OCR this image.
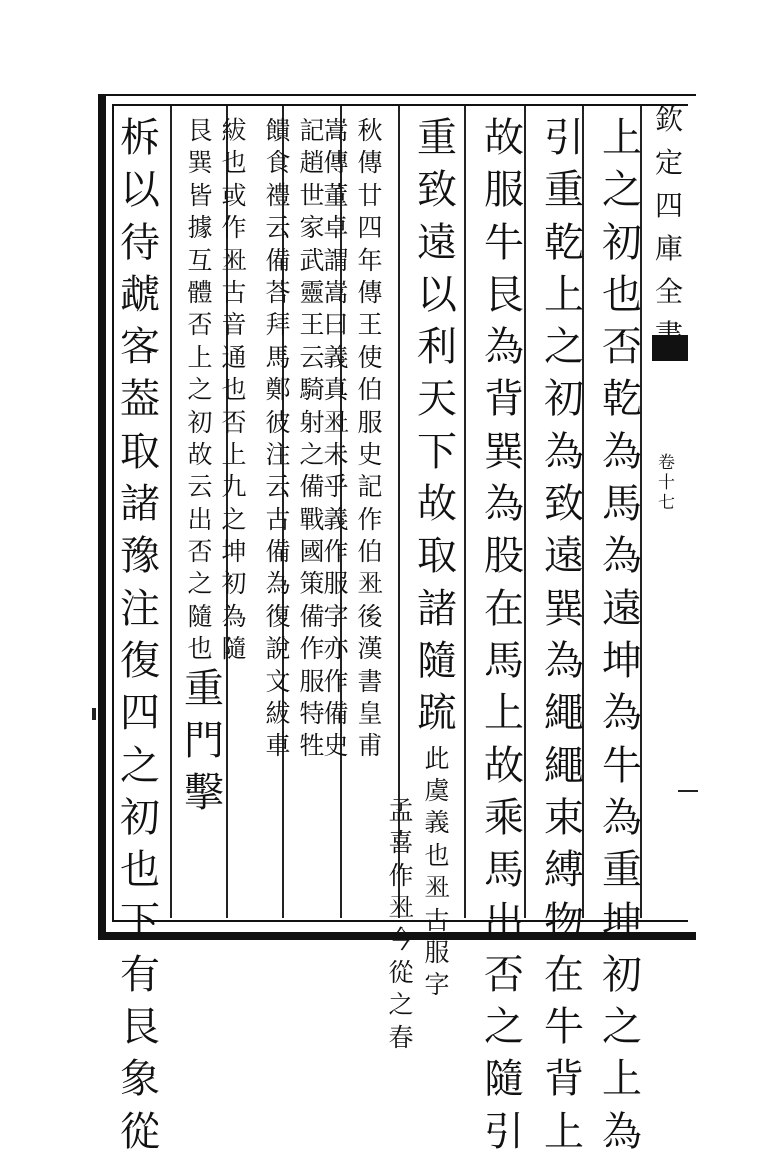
欽
定
四
庫
全
卷
十
七
上
之
初
也
否
乾
為
馬
為
遠
坤
為
牛
為
重
坤
初
之
上
為
引
重
乾
上
之
初
為
致
遠
巽
為
繩
繩
束
縛
物
在
牛
背
上
故
服
牛
艮
為
背
巽
為
股
在
馬
上
故
乘
馬
出
否
之
隨
引
重
致
遠
以
利
天
下
故
取
諸
隨
䟽
此
虞
義
也
𥸨
古
服
字
孟
喜
作
𥸨
今
從
之
春
秋
傳
廿
四
年
傳
王
使
伯
服
史
記
作
伯
𥸨
後
漢
書
皇
甫
嵩
傳
董
卓
謂
嵩
曰
義
真
𥸨
未
乎
義
作
服
字
亦
作
備
史
記
趙
世
家
武
靈
王
云
騎
射
之
備
戰
國
策
備
作
服
特
牲
饋
食
禮
云
備
荅
拜
馬
鄭
彼
注
云
古
備
為
復
說
文
紱
車
紱
也
或
作
𥸨
古
音
通
也
否
上
九
之
坤
初
為
隨
艮
巽
皆
據
互
體
否
上
之
初
故
云
出
否
之
隨
也
重
門
擊
柝
以
待
虣
客
葢
取
諸
豫
注
復
四
之
初
也
下
有
艮
象
從
